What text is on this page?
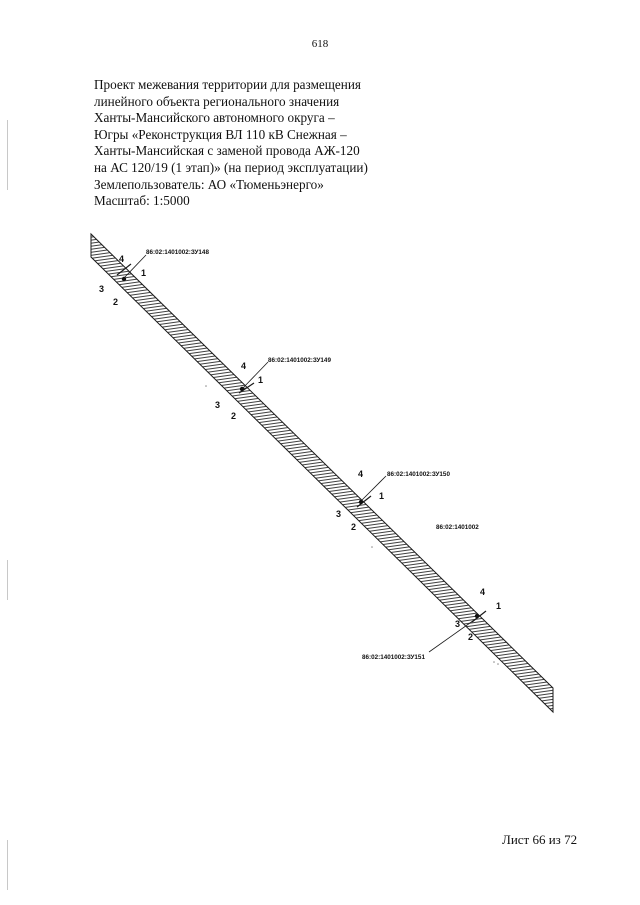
618
Проект межевания территории для размещения
линейного объекта регионального значения
Ханты-Мансийского автономного округа –
Югры «Реконструкция ВЛ 110 кВ Снежная –
Ханты-Мансийская с заменой провода АЖ-120
на АС 120/19 (1 этап)» (на период эксплуатации)
Землепользователь: АО «Тюменьэнерго»
Масштаб: 1:5000
86:02:1401002:ЗУ148
4
1
3
2
86:02:1401002:ЗУ149
4
1
3
2
86:02:1401002:ЗУ150
4
1
3
2	86:02:1401002
4
1
3
2
86:02:1401002:ЗУ151
Лист 66 из 72
